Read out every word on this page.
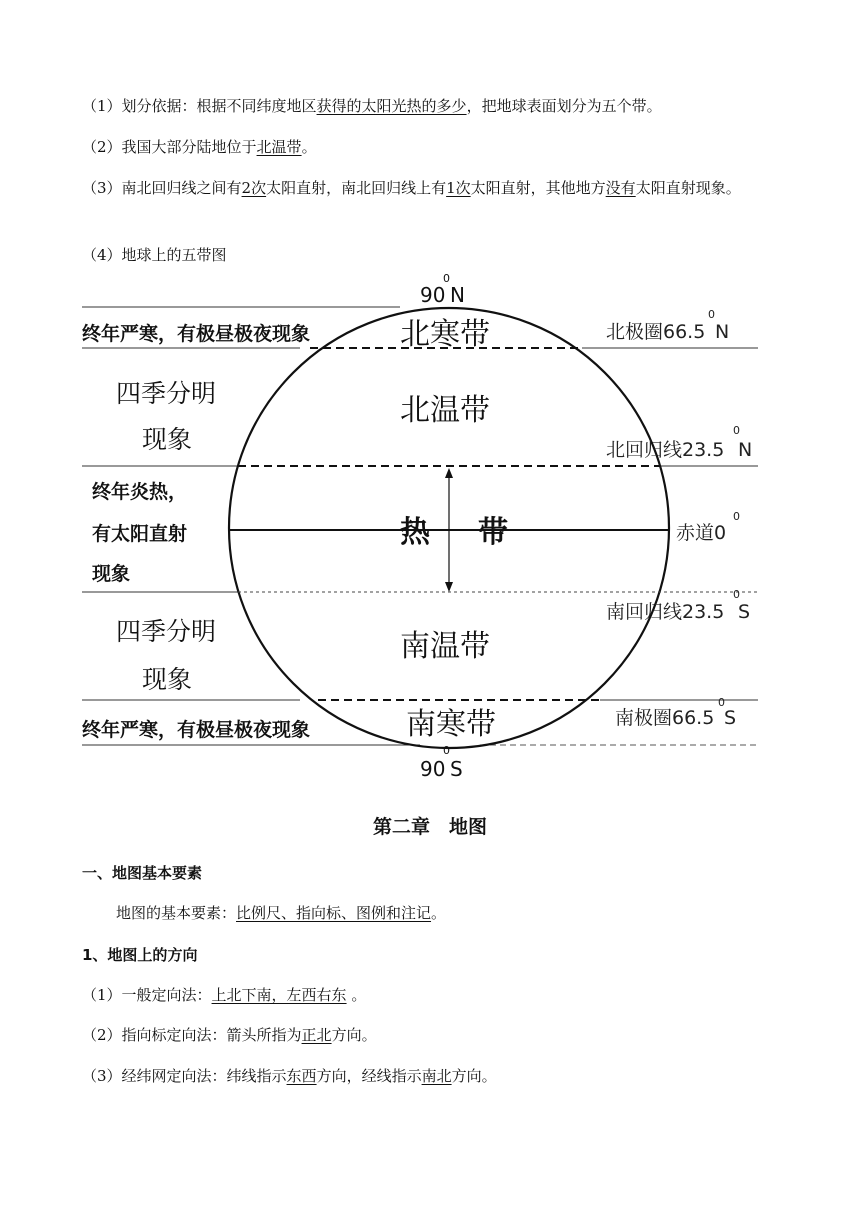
（1）划分依据：根据不同纬度地区获得的太阳光热的多少，把地球表面划分为五个带。
（2）我国大部分陆地位于北温带。
（3）南北回归线之间有2次太阳直射，南北回归线上有1次太阳直射，其他地方没有太阳直射现象。
（4）地球上的五带图
90
0
N
90
0
S
北寒带
北温带
热 带
南温带
南寒带
北极圈66.5
0
N
北回归线23.5
0
N
赤道0
0
南回归线23.5
0
S
南极圈66.5
0
S
终年严寒，有极昼极夜现象
四季分明
现象
终年炎热，
有太阳直射
现象
四季分明
现象
终年严寒，有极昼极夜现象
第二章　地图
一、地图基本要素
地图的基本要素：比例尺、指向标、图例和注记。
1、地图上的方向
（1）一般定向法：上北下南，左西右东 。
（2）指向标定向法：箭头所指为正北方向。
（3）经纬网定向法：纬线指示东西方向，经线指示南北方向。
